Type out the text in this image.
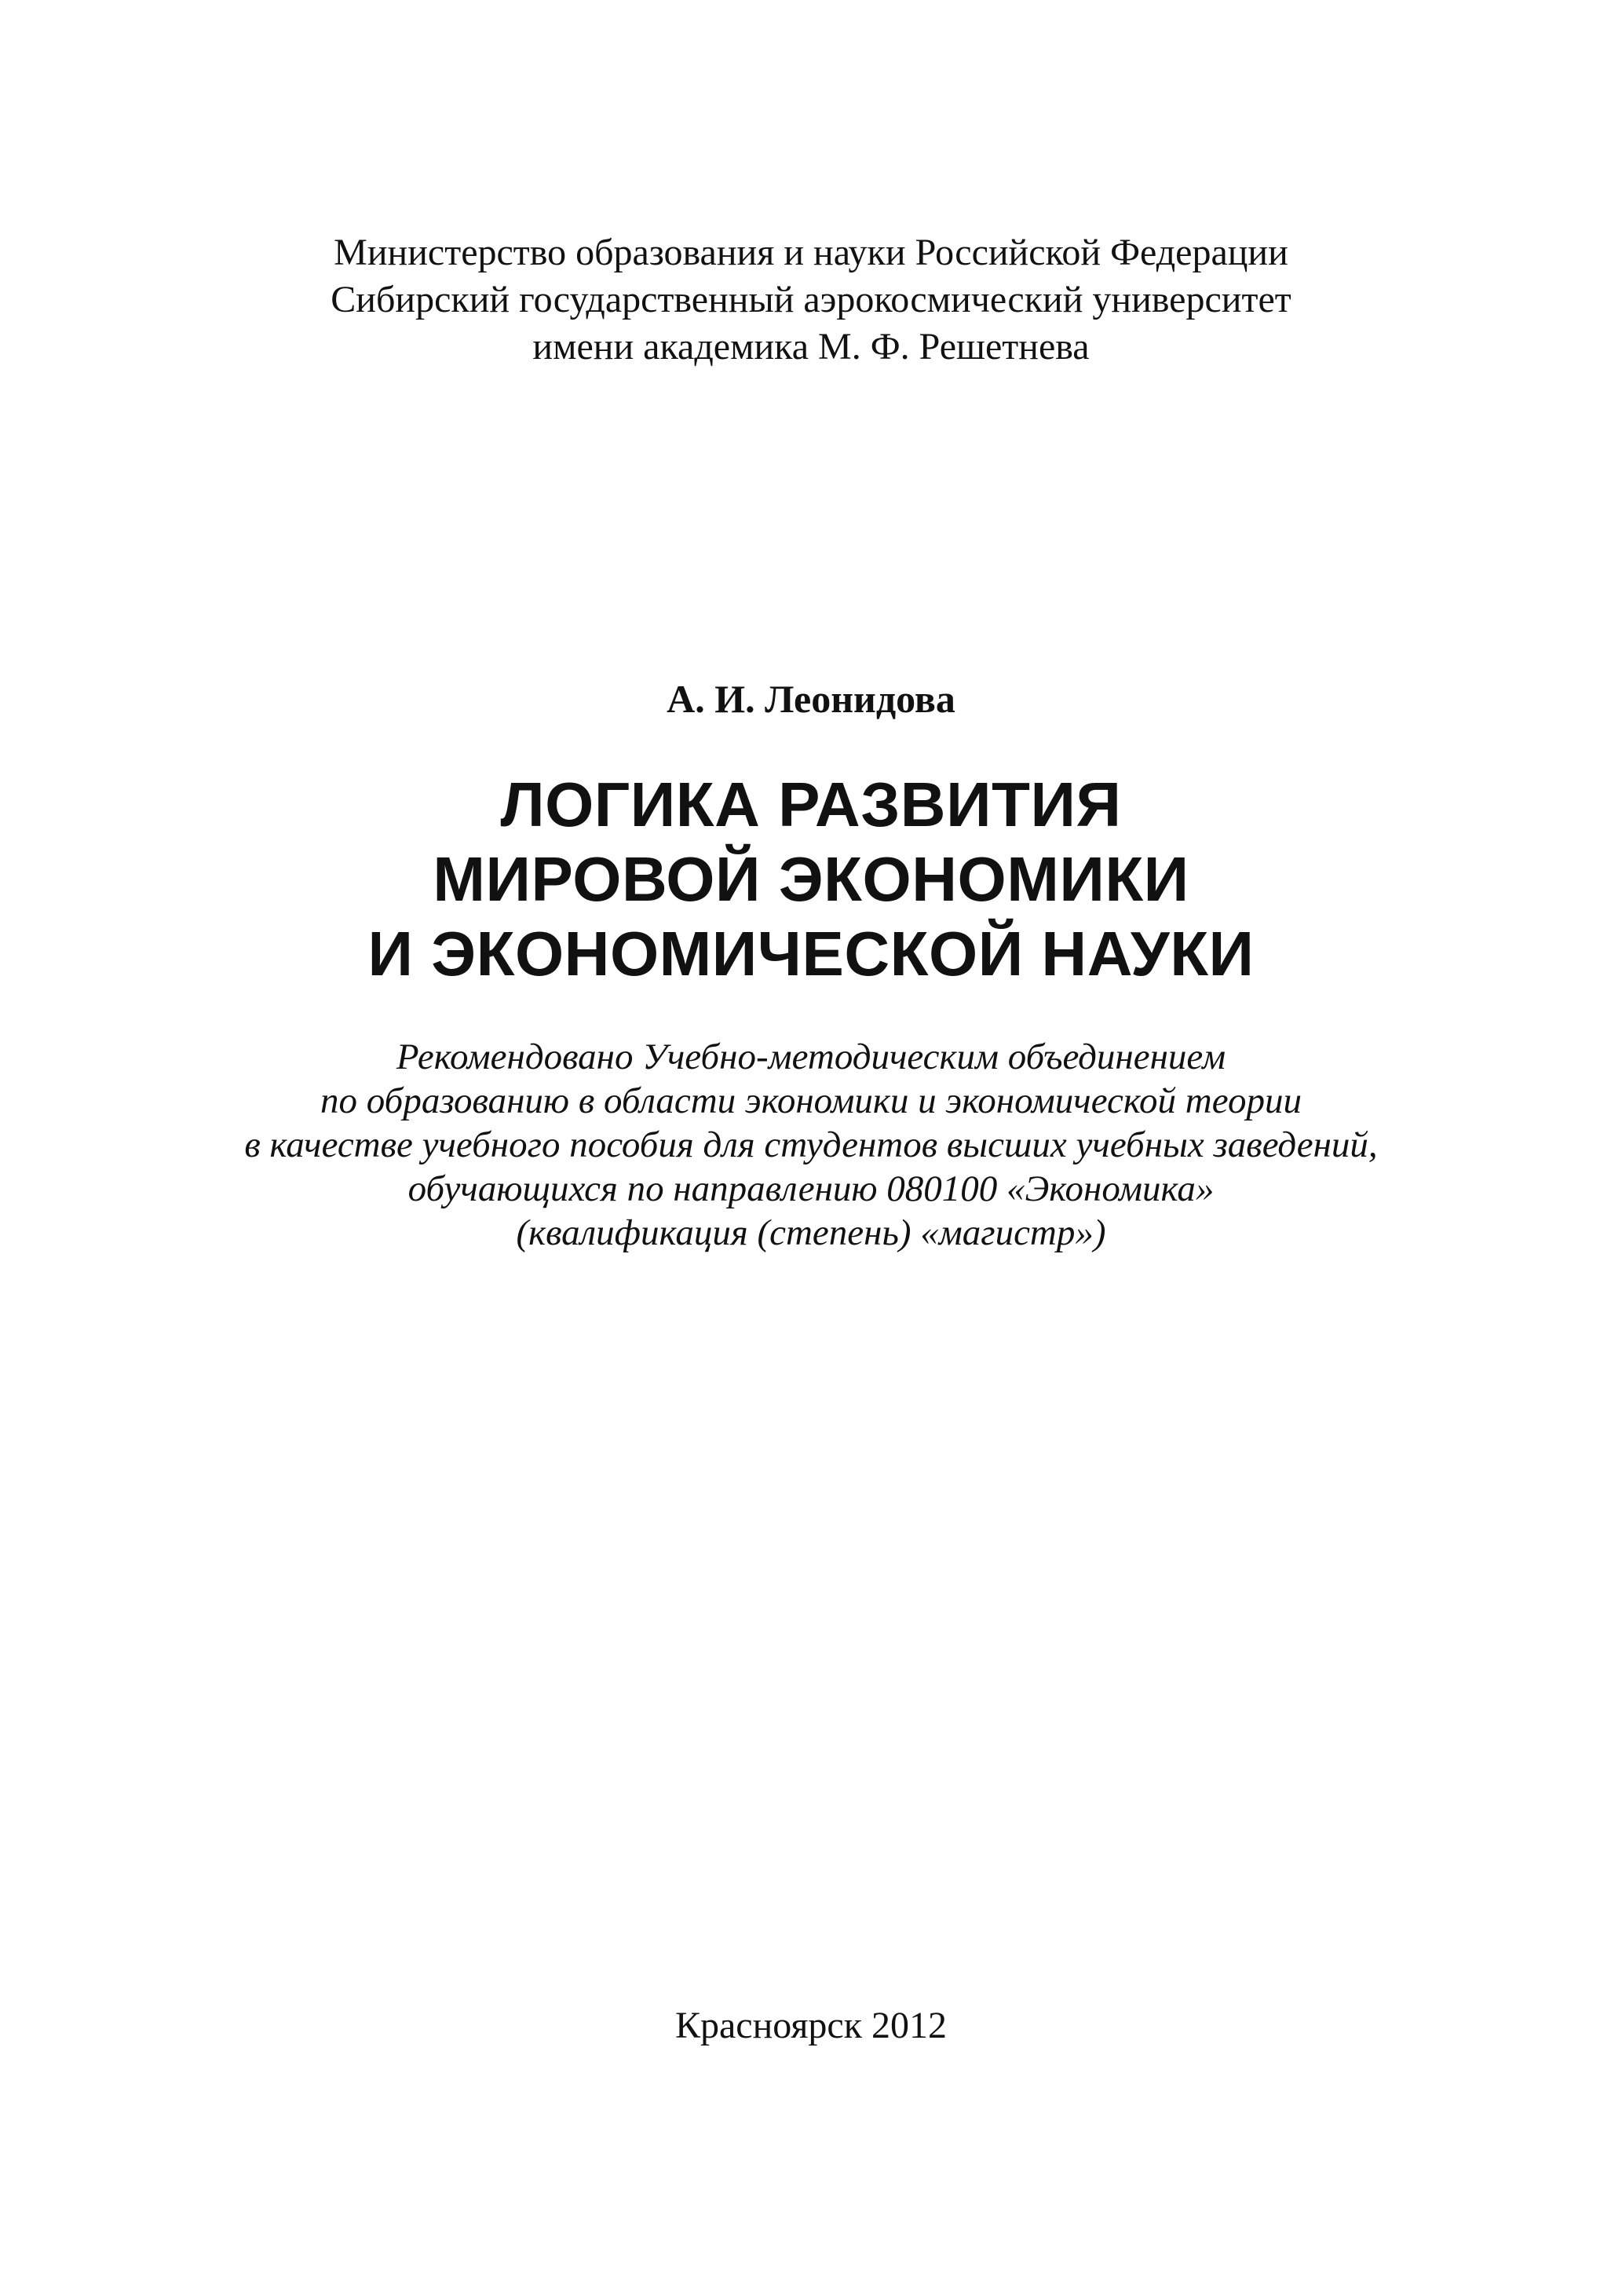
Министерство образования и науки Российской Федерации
Сибирский государственный аэрокосмический университет
имени академика М. Ф. Решетнева
А. И. Леонидова
ЛОГИКА РАЗВИТИЯ
МИРОВОЙ ЭКОНОМИКИ
И ЭКОНОМИЧЕСКОЙ НАУКИ
Рекомендовано Учебно-методическим объединением
по образованию в области экономики и экономической теории
в качестве учебного пособия для студентов высших учебных заведений,
обучающихся по направлению 080100 «Экономика»
(квалификация (степень) «магистр»)
Красноярск 2012
